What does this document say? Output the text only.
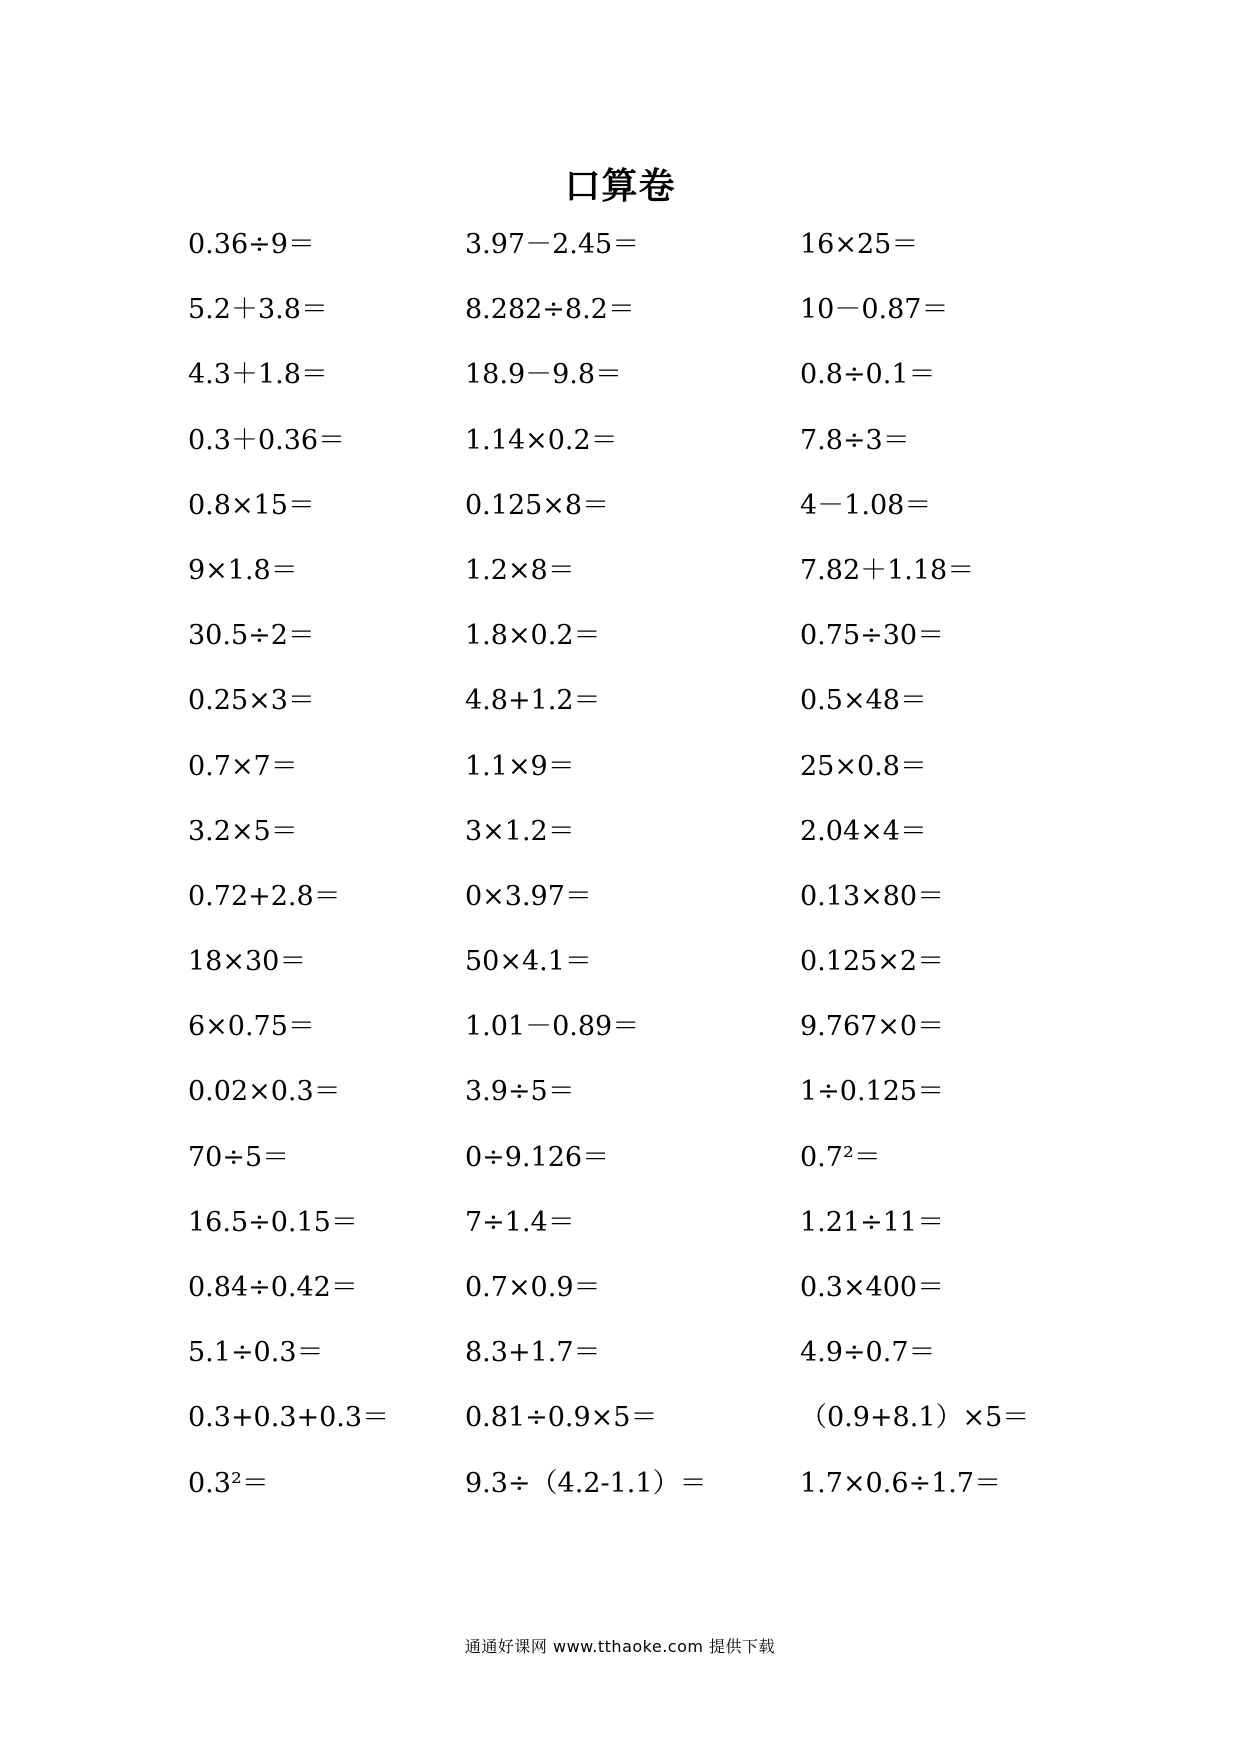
口算卷
0.36÷9＝	3.97－2.45＝	16×25＝
5.2＋3.8＝	8.282÷8.2＝	10－0.87＝
4.3＋1.8＝	18.9－9.8＝	0.8÷0.1＝
0.3＋0.36＝	1.14×0.2＝	7.8÷3＝
0.8×15＝	0.125×8＝	4－1.08＝
9×1.8＝	1.2×8＝	7.82＋1.18＝
30.5÷2＝	1.8×0.2＝	0.75÷30＝
0.25×3＝	4.8+1.2＝	0.5×48＝
0.7×7＝	1.1×9＝	25×0.8＝
3.2×5＝	3×1.2＝	2.04×4＝
0.72+2.8＝	0×3.97＝	0.13×80＝
18×30＝	50×4.1＝	0.125×2＝
6×0.75＝	1.01－0.89＝	9.767×0＝
0.02×0.3＝	3.9÷5＝	1÷0.125＝
70÷5＝	0÷9.126＝	0.7²＝
16.5÷0.15＝	7÷1.4＝	1.21÷11＝
0.84÷0.42＝	0.7×0.9＝	0.3×400＝
5.1÷0.3＝	8.3+1.7＝	4.9÷0.7＝
0.3+0.3+0.3＝	0.81÷0.9×5＝	（0.9+8.1）×5＝
0.3²＝	9.3÷（4.2-1.1）＝	1.7×0.6÷1.7＝
通通好课网 www.tthaoke.com 提供下载
